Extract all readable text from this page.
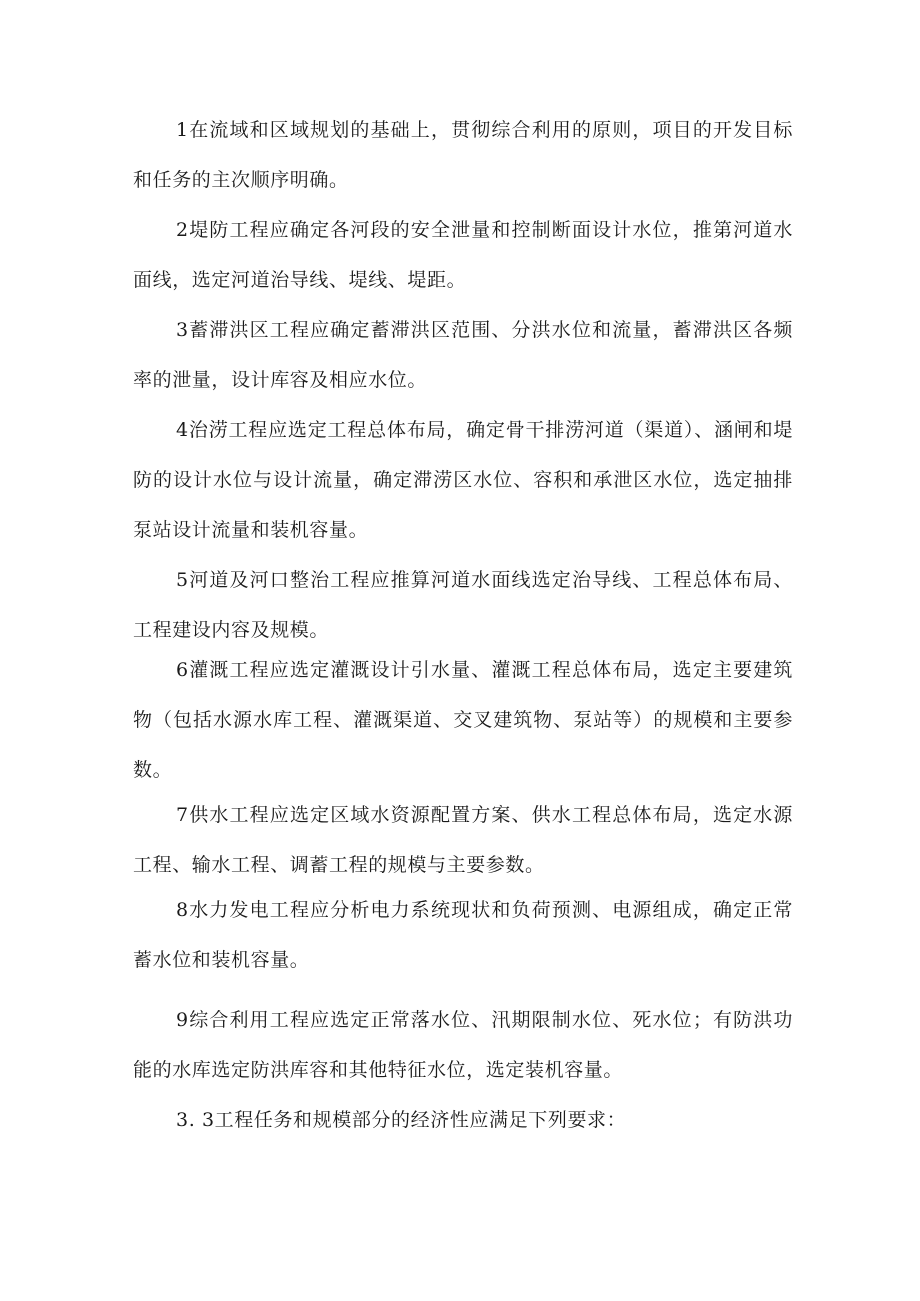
1在流域和区域规划的基础上，贯彻综合利用的原则，项目的开发目标和任务的主次顺序明确。

2堤防工程应确定各河段的安全泄量和控制断面设计水位，推第河道水面线，选定河道治导线、堤线、堤距。

3蓄滞洪区工程应确定蓄滞洪区范围、分洪水位和流量，蓄滞洪区各频率的泄量，设计库容及相应水位。

4治涝工程应选定工程总体布局，确定骨干排涝河道（渠道）、涵闸和堤防的设计水位与设计流量，确定滞涝区水位、容积和承泄区水位，选定抽排泵站设计流量和装机容量。

5河道及河口整治工程应推算河道水面线选定治导线、工程总体布局、工程建设内容及规模。

6灌溉工程应选定灌溉设计引水量、灌溉工程总体布局，选定主要建筑物（包括水源水库工程、灌溉渠道、交叉建筑物、泵站等）的规模和主要参数。

7供水工程应选定区域水资源配置方案、供水工程总体布局，选定水源工程、输水工程、调蓄工程的规模与主要参数。

8水力发电工程应分析电力系统现状和负荷预测、电源组成，确定正常蓄水位和装机容量。

9综合利用工程应选定正常落水位、汛期限制水位、死水位；有防洪功能的水库选定防洪库容和其他特征水位，选定装机容量。

3. 3工程任务和规模部分的经济性应满足下列要求：
